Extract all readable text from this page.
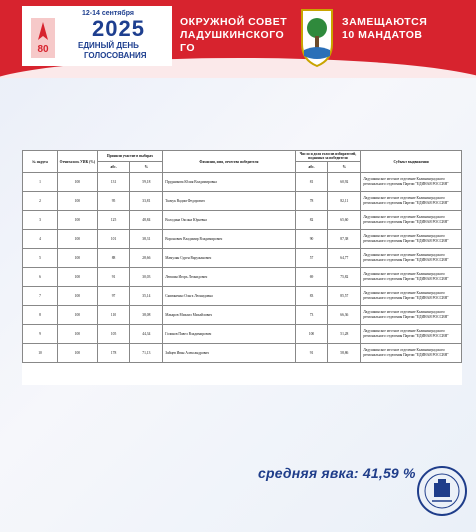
80
12-14 сентября
2025
ЕДИНЫЙ ДЕНЬ
ГОЛОСОВАНИЯ
ОКРУЖНОЙ СОВЕТ
ЛАДУШКИНСКОГО ГО
ЗАМЕЩАЮТСЯ
10 МАНДАТОВ
№ округа	Отчиталось УИК (%)	Приняли участие в выборах		Фамилия, имя, отчество победителя	Число и доля голосов избирателей, поданных за победителя		Субъект выдвижения
		абс.	%		абс.	%	
1	100	131	59,18	Прудникова Юлия Владимировна	81	60,92	Ладушкинское местное отделение Калининградского регионального отделения Партии "ЕДИНАЯ РОССИЯ"
2	100	95	33,81	Ткачук Вадим Федорович	78	82,11	Ладушкинское местное отделение Калининградского регионального отделения Партии "ЕДИНАЯ РОССИЯ"
3	100	125	48,84	Володина Оксана Юрьевна	82	65,60	Ладушкинское местное отделение Калининградского регионального отделения Партии "ЕДИНАЯ РОССИЯ"
4	100	101	38,31	Воронович Владимир Владимирович	90	87,38	Ладушкинское местное отделение Калининградского регионального отделения Партии "ЕДИНАЯ РОССИЯ"
5	100	88	28,66	Мамулян Сурен Варужанович	57	64,77	Ладушкинское местное отделение Калининградского регионального отделения Партии "ЕДИНАЯ РОССИЯ"
6	100	91	30,03	Левшин Игорь Леонидович	69	75,82	Ладушкинское местное отделение Калининградского регионального отделения Партии "ЕДИНАЯ РОССИЯ"
7	100	97	35,14	Скиваненко Ольга Леонидовна	83	85,57	Ладушкинское местное отделение Калининградского регионального отделения Партии "ЕДИНАЯ РОССИЯ"
8	100	110	38,08	Макаров Михаил Михайлович	73	66,36	Ладушкинское местное отделение Калининградского регионального отделения Партии "ЕДИНАЯ РОССИЯ"
9	100	105	44,34	Голиков Павел Владимирович	100	51,28	Ладушкинское местное отделение Калининградского регионального отделения Партии "ЕДИНАЯ РОССИЯ"
10	100	178	71,13	Зайцев Иван Александрович	91	58,86	Ладушкинское местное отделение Калининградского регионального отделения Партии "ЕДИНАЯ РОССИЯ"
средняя явка: 41,59 %
